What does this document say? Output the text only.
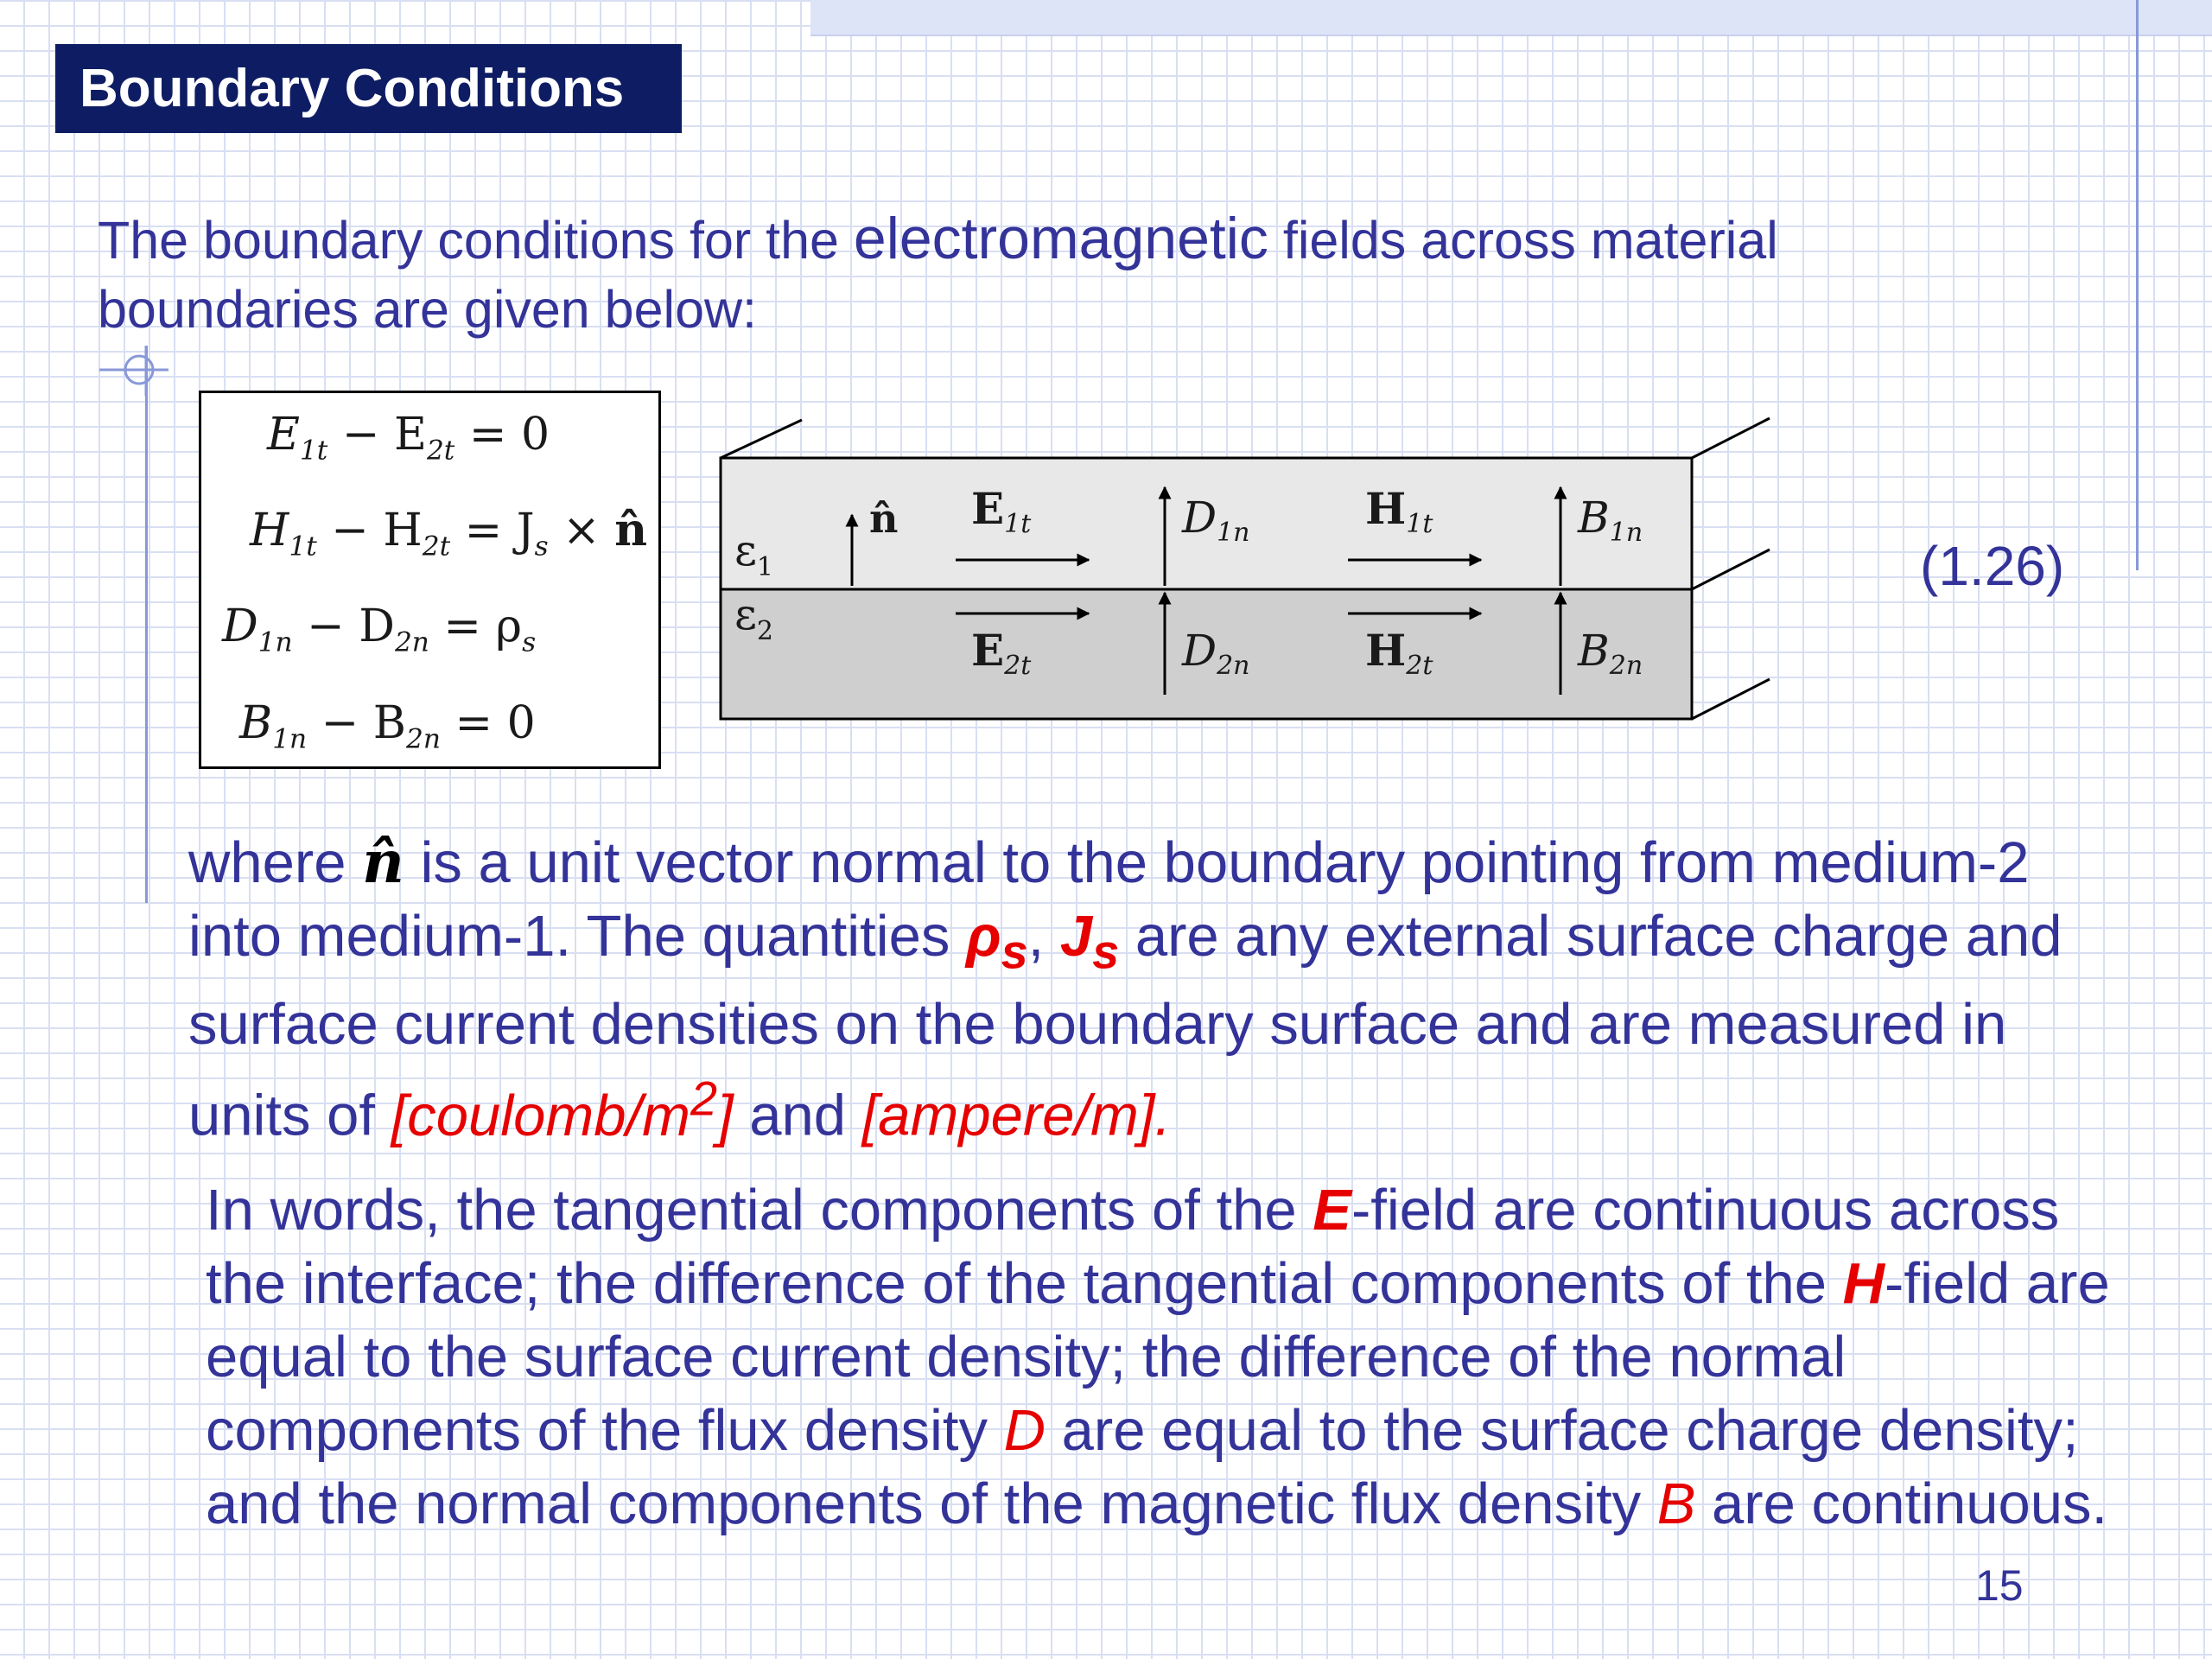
Boundary Conditions

The boundary conditions for the electromagnetic fields across material boundaries are given below:

$E_{1t} - E_{2t} = 0$
$H_{1t} - H_{2t} = J_s$ × n̂
$D_{1n} - D_{2n} = \rho_s$
$B_{1n} - B_{2n} = 0$
$\varepsilon_1$
$\varepsilon_2$
n̂ $E_{1t}$
$E_{2t}$
$D_{1n}$
$D_{2n}$
$H_{1t}$
$H_{2t}$
$B_{1n}$
$B_{2n}$
(1.26)

where n̂ is a unit vector normal to the boundary pointing from medium-2 into medium-1. The quantities $\rho_s$, $J_s$ are any external surface charge and surface current densities on the boundary surface and are measured in units of $[coulomb/m^2]$ and [ampere/m].

In words, the tangential components of the E-field are continuous across the interface; the difference of the tangential components of the H-field are equal to the surface current density; the difference of the normal components of the flux density D are equal to the surface charge density; and the normal components of the magnetic flux density B are continuous.

15
